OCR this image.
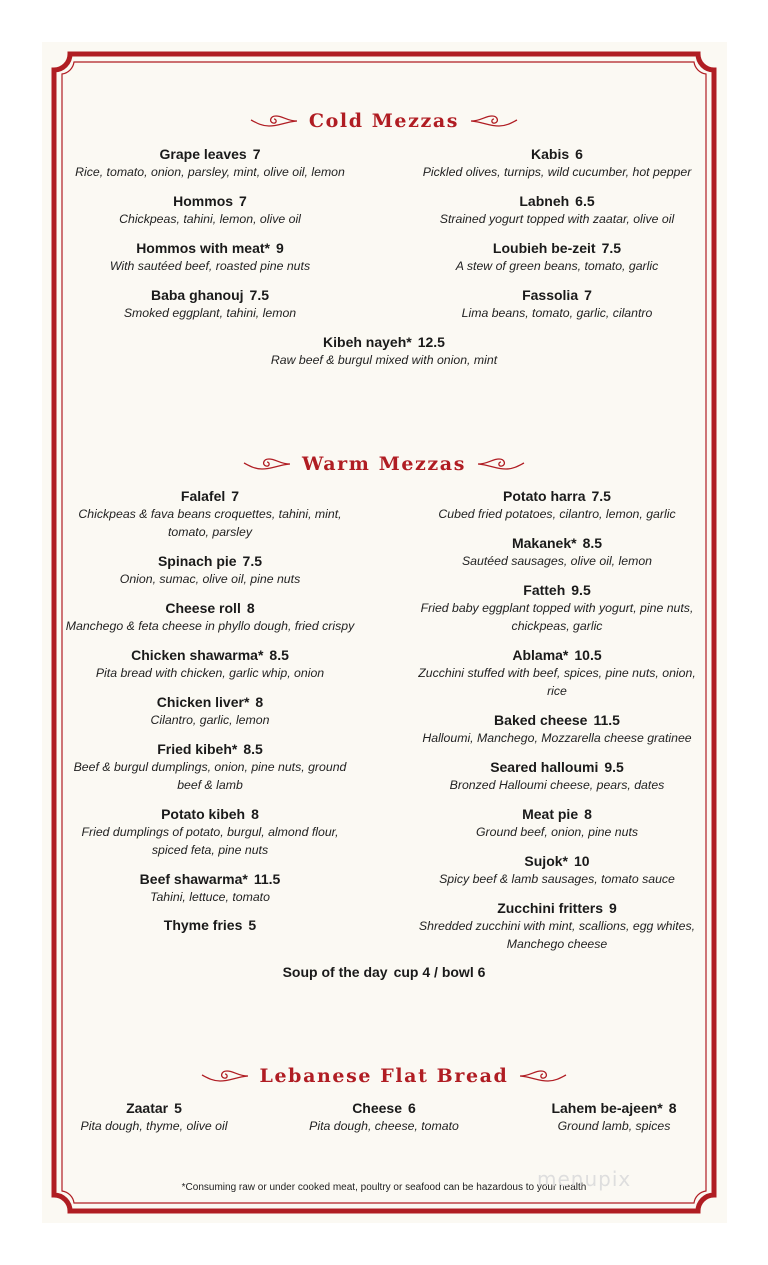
Cold Mezzas
Warm Mezzas
Lebanese Flat Bread
*Consuming raw or under cooked meat, poultry or seafood can be hazardous to your health
menupix
Grape leaves 7
Rice, tomato, onion, parsley, mint, olive oil, lemon
Kabis 6
Pickled olives, turnips, wild cucumber, hot pepper
Hommos 7
Chickpeas, tahini, lemon, olive oil
Labneh 6.5
Strained yogurt topped with zaatar, olive oil
Hommos with meat* 9
With sautéed beef, roasted pine nuts
Loubieh be-zeit 7.5
A stew of green beans, tomato, garlic
Baba ghanouj 7.5
Smoked eggplant, tahini, lemon
Fassolia 7
Lima beans, tomato, garlic, cilantro
Kibeh nayeh* 12.5
Raw beef & burgul mixed with onion, mint
Falafel 7
Chickpeas & fava beans croquettes, tahini, mint,
tomato, parsley
Spinach pie 7.5
Onion, sumac, olive oil, pine nuts
Cheese roll 8
Manchego & feta cheese in phyllo dough, fried crispy
Chicken shawarma* 8.5
Pita bread with chicken, garlic whip, onion
Chicken liver* 8
Cilantro, garlic, lemon
Fried kibeh* 8.5
Beef & burgul dumplings, onion, pine nuts, ground
beef & lamb
Potato kibeh 8
Fried dumplings of potato, burgul, almond flour,
spiced feta, pine nuts
Beef shawarma* 11.5
Tahini, lettuce, tomato
Thyme fries 5
Potato harra 7.5
Cubed fried potatoes, cilantro, lemon, garlic
Makanek* 8.5
Sautéed sausages, olive oil, lemon
Fatteh 9.5
Fried baby eggplant topped with yogurt, pine nuts,
chickpeas, garlic
Ablama* 10.5
Zucchini stuffed with beef, spices, pine nuts, onion,
rice
Baked cheese 11.5
Halloumi, Manchego, Mozzarella cheese gratinee
Seared halloumi 9.5
Bronzed Halloumi cheese, pears, dates
Meat pie 8
Ground beef, onion, pine nuts
Sujok* 10
Spicy beef & lamb sausages, tomato sauce
Zucchini fritters 9
Shredded zucchini with mint, scallions, egg whites,
Manchego cheese
Soup of the day cup 4 / bowl 6
Zaatar 5
Pita dough, thyme, olive oil
Cheese 6
Pita dough, cheese, tomato
Lahem be-ajeen* 8
Ground lamb, spices
